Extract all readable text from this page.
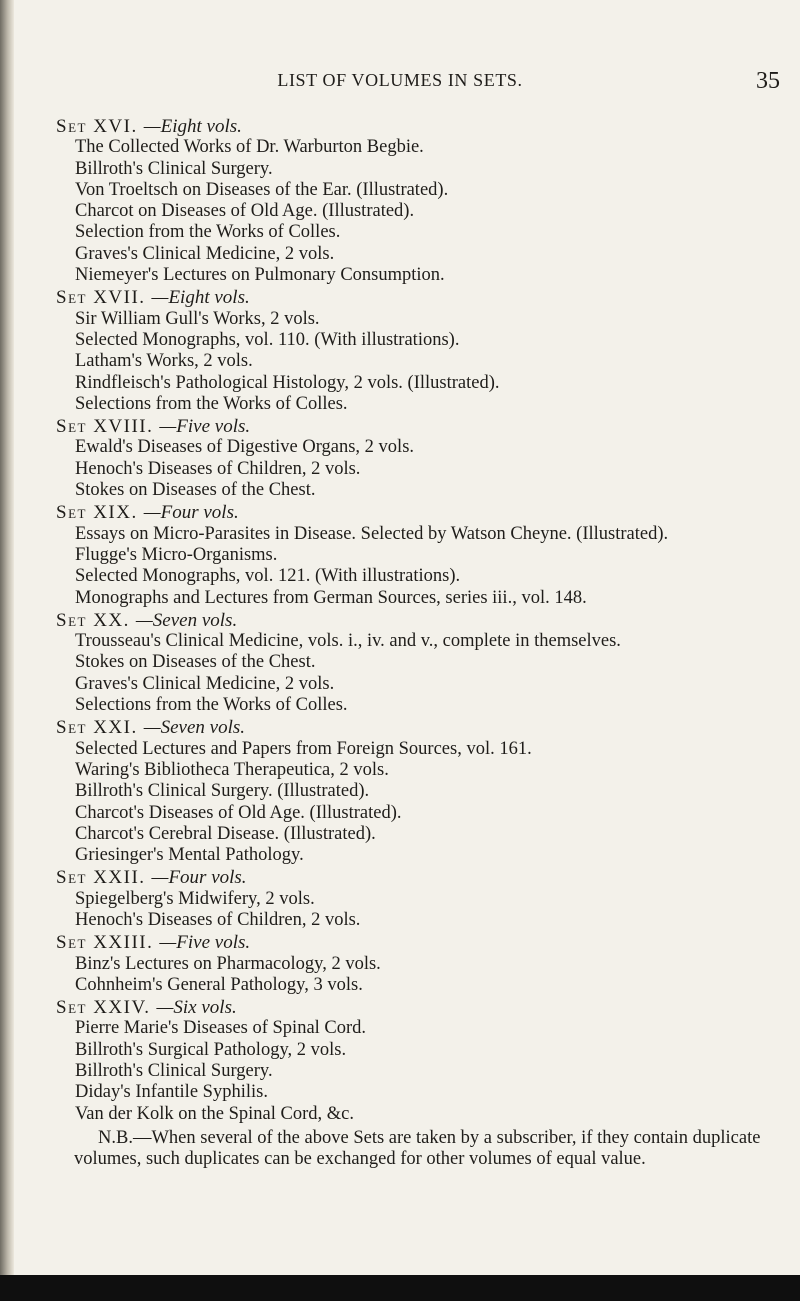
LIST OF VOLUMES IN SETS.	35
Set XVI. —Eight vols.
The Collected Works of Dr. Warburton Begbie.
Billroth's Clinical Surgery.
Von Troeltsch on Diseases of the Ear. (Illustrated).
Charcot on Diseases of Old Age. (Illustrated).
Selection from the Works of Colles.
Graves's Clinical Medicine, 2 vols.
Niemeyer's Lectures on Pulmonary Consumption.
Set XVII. —Eight vols.
Sir William Gull's Works, 2 vols.
Selected Monographs, vol. 110. (With illustrations).
Latham's Works, 2 vols.
Rindfleisch's Pathological Histology, 2 vols. (Illustrated).
Selections from the Works of Colles.
Set XVIII. —Five vols.
Ewald's Diseases of Digestive Organs, 2 vols.
Henoch's Diseases of Children, 2 vols.
Stokes on Diseases of the Chest.
Set XIX. —Four vols.
Essays on Micro-Parasites in Disease. Selected by Watson Cheyne. (Illustrated).
Flugge's Micro-Organisms.
Selected Monographs, vol. 121. (With illustrations).
Monographs and Lectures from German Sources, series iii., vol. 148.
Set XX. —Seven vols.
Trousseau's Clinical Medicine, vols. i., iv. and v., complete in themselves.
Stokes on Diseases of the Chest.
Graves's Clinical Medicine, 2 vols.
Selections from the Works of Colles.
Set XXI. —Seven vols.
Selected Lectures and Papers from Foreign Sources, vol. 161.
Waring's Bibliotheca Therapeutica, 2 vols.
Billroth's Clinical Surgery. (Illustrated).
Charcot's Diseases of Old Age. (Illustrated).
Charcot's Cerebral Disease. (Illustrated).
Griesinger's Mental Pathology.
Set XXII. —Four vols.
Spiegelberg's Midwifery, 2 vols.
Henoch's Diseases of Children, 2 vols.
Set XXIII. —Five vols.
Binz's Lectures on Pharmacology, 2 vols.
Cohnheim's General Pathology, 3 vols.
Set XXIV. —Six vols.
Pierre Marie's Diseases of Spinal Cord.
Billroth's Surgical Pathology, 2 vols.
Billroth's Clinical Surgery.
Diday's Infantile Syphilis.
Van der Kolk on the Spinal Cord, &c.
N.B.—When several of the above Sets are taken by a subscriber, if they contain duplicate volumes, such duplicates can be exchanged for other volumes of equal value.
